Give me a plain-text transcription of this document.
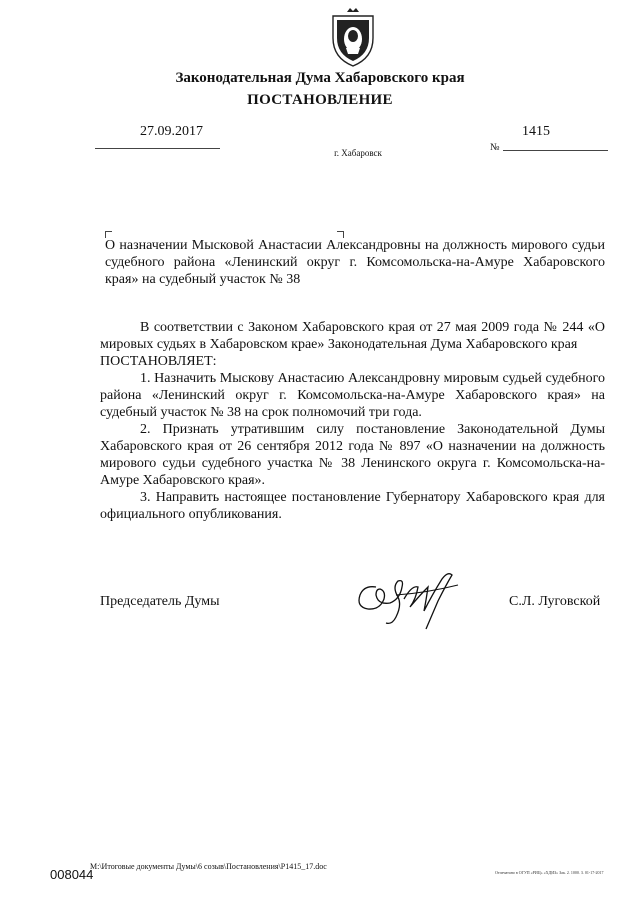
Законодательная Дума Хабаровского края
ПОСТАНОВЛЕНИЕ
27.09.2017	1415
№
г. Хабаровск
О назначении Мысковой Анастасии Александровны на должность мирового судьи судебного района «Ленинский округ г. Комсомольска-на-Амуре Хабаровского края» на судебный участок № 38

В соответствии с Законом Хабаровского края от 27 мая 2009 года № 244 «О мировых судьях в Хабаровском крае» Законодательная Дума Хабаровского края

ПОСТАНОВЛЯЕТ:

1. Назначить Мыскову Анастасию Александровну мировым судьей судебного района «Ленинский округ г. Комсомольска-на-Амуре Хабаровского края» на судебный участок № 38 на срок полномочий три года.

2. Признать утратившим силу постановление Законодательной Думы Хабаровского края от 26 сентября 2012 года № 897 «О назначении на должность мирового судьи судебного участка № 38 Ленинского округа г. Комсомольска-на-Амуре Хабаровского края».

3. Направить настоящее постановление Губернатору Хабаровского края для официального опубликования.

Председатель Думы	С.Л. Луговской
M:\Итоговые документы Думы\6 созыв\Постановления\P1415_17.doc
008044	Отпечатано в ОГУП «РИЦ» «ХДИЗ» Зак. 2. 1000. 3. 01-17-2017
